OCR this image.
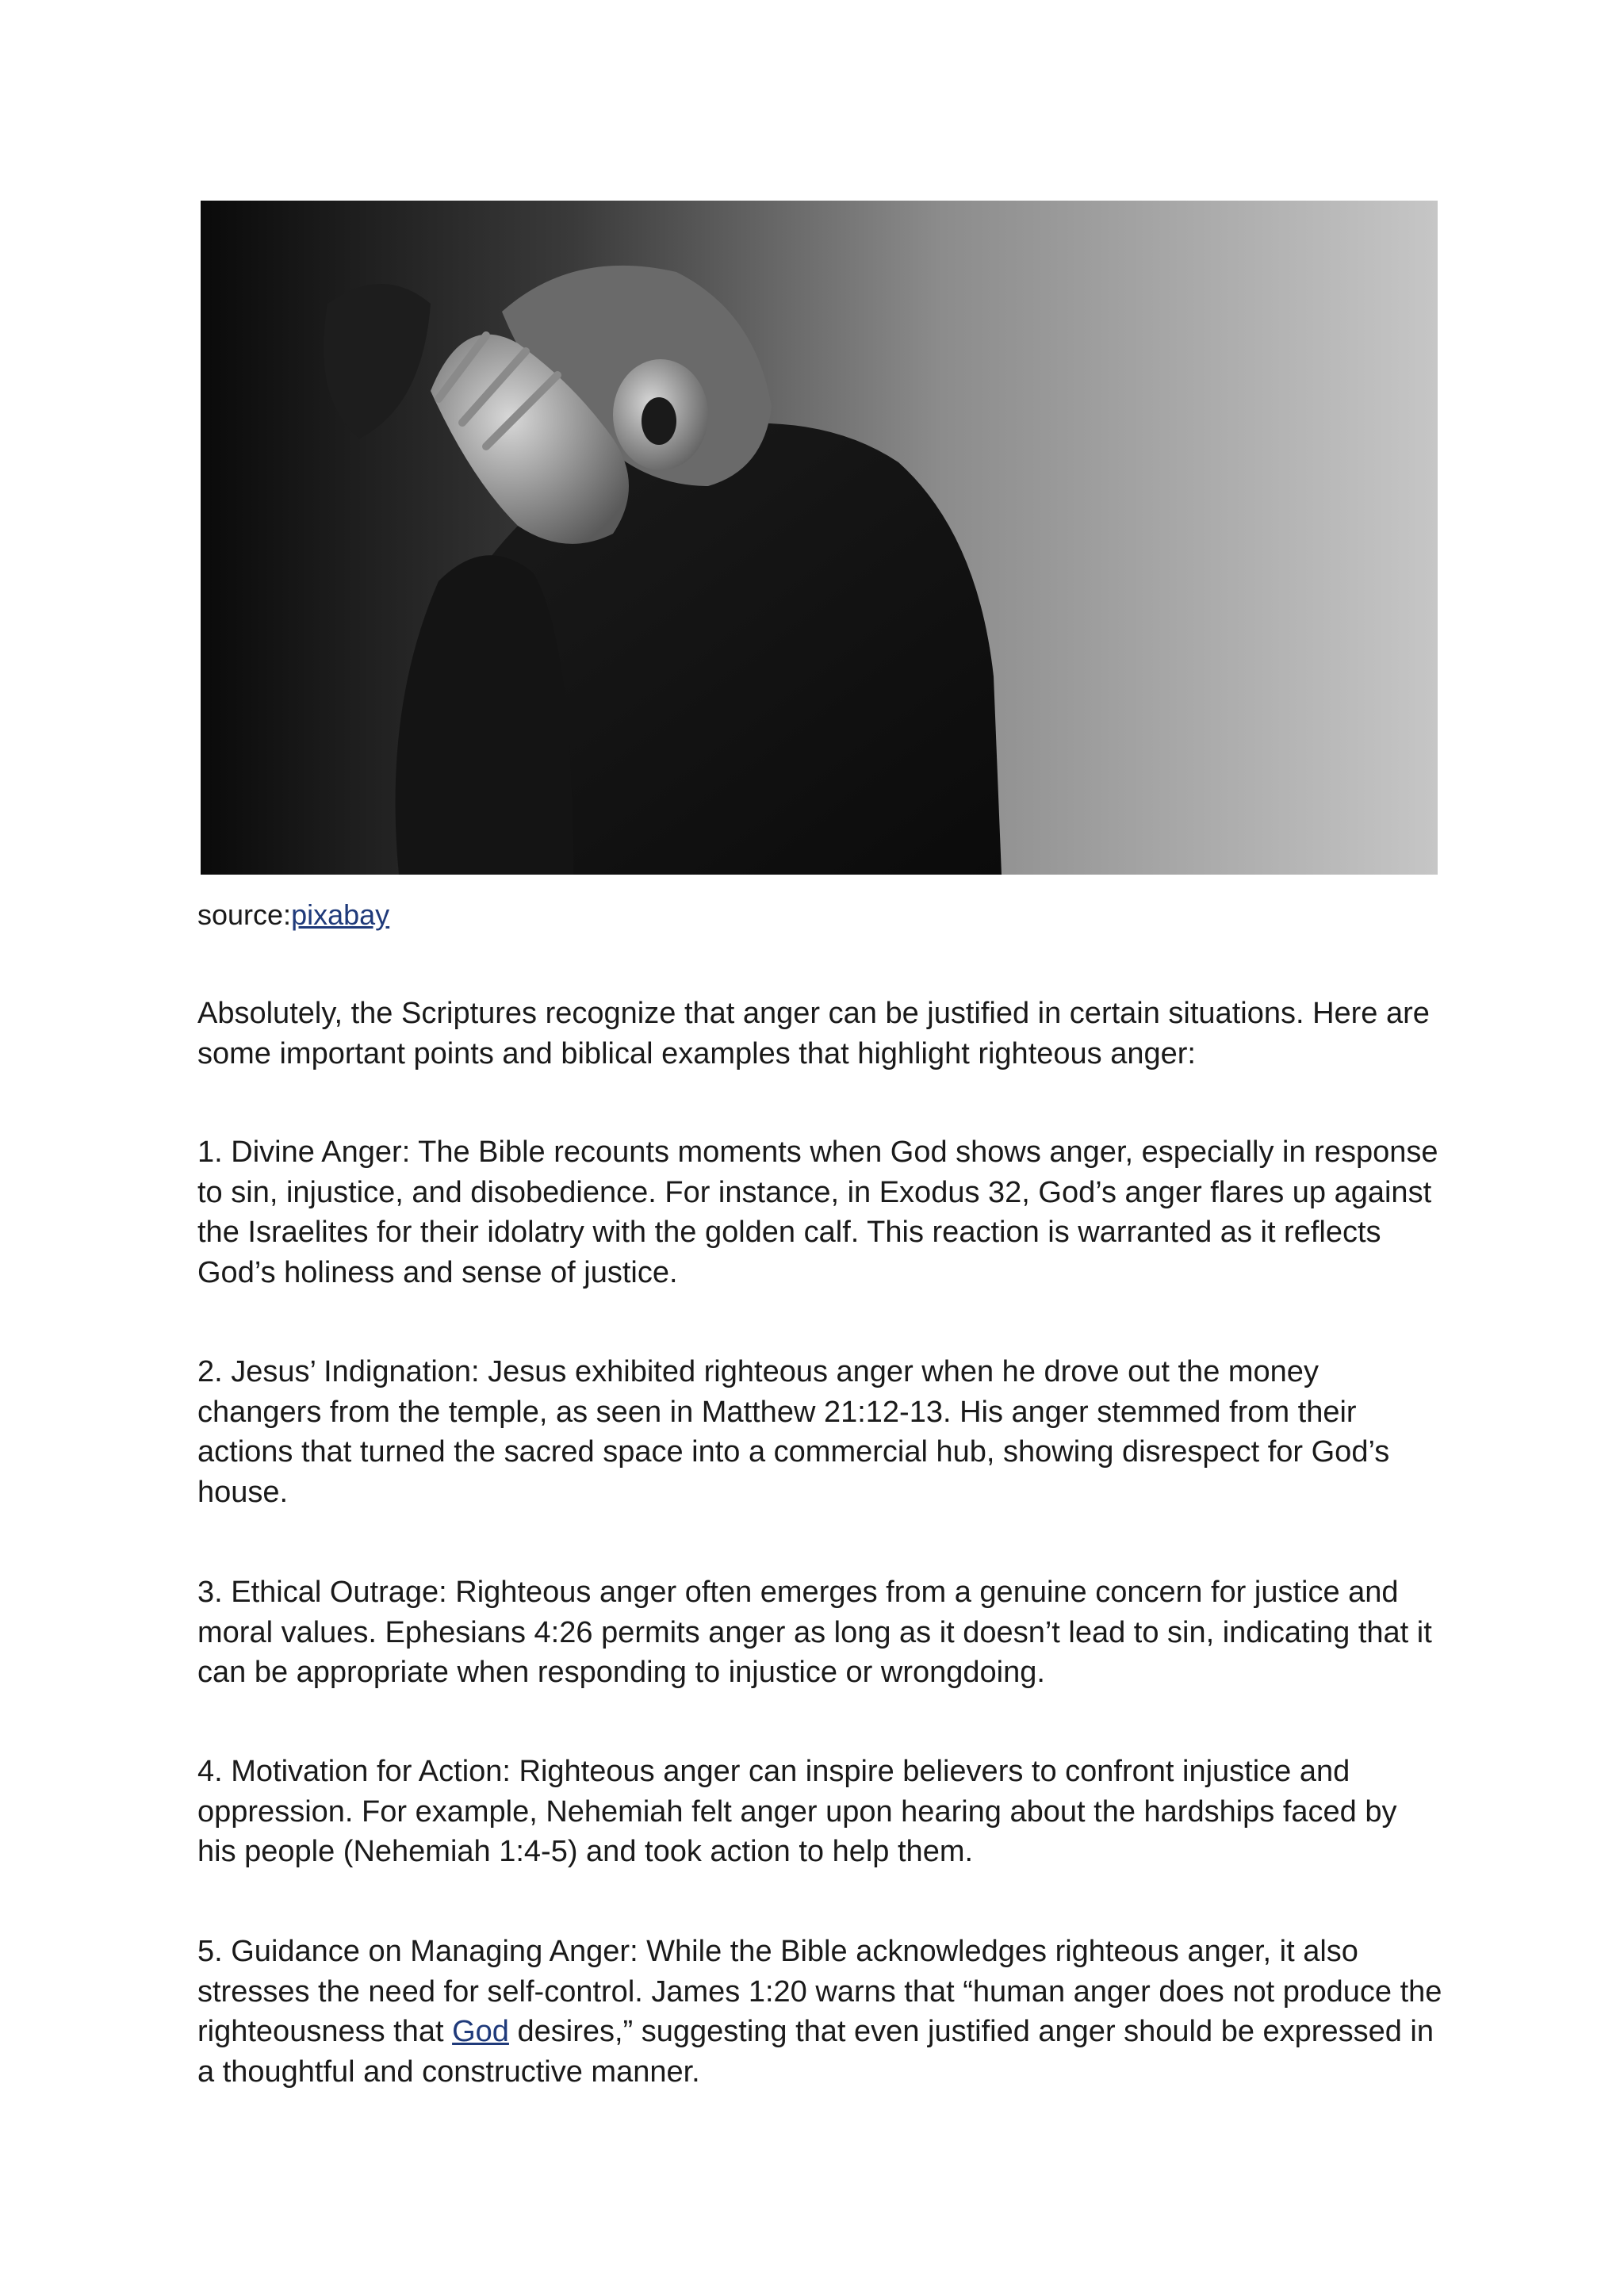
source:pixabay

Absolutely, the Scriptures recognize that anger can be justified in certain situations. Here are some important points and biblical examples that highlight righteous anger:

1. Divine Anger: The Bible recounts moments when God shows anger, especially in response to sin, injustice, and disobedience. For instance, in Exodus 32, God’s anger flares up against the Israelites for their idolatry with the golden calf. This reaction is warranted as it reflects God’s holiness and sense of justice.

2. Jesus’ Indignation: Jesus exhibited righteous anger when he drove out the money changers from the temple, as seen in Matthew 21:12-13. His anger stemmed from their actions that turned the sacred space into a commercial hub, showing disrespect for God’s house.

3. Ethical Outrage: Righteous anger often emerges from a genuine concern for justice and moral values. Ephesians 4:26 permits anger as long as it doesn’t lead to sin, indicating that it can be appropriate when responding to injustice or wrongdoing.

4. Motivation for Action: Righteous anger can inspire believers to confront injustice and oppression. For example, Nehemiah felt anger upon hearing about the hardships faced by his people (Nehemiah 1:4-5) and took action to help them.

5. Guidance on Managing Anger: While the Bible acknowledges righteous anger, it also stresses the need for self-control. James 1:20 warns that “human anger does not produce the righteousness that God desires,” suggesting that even justified anger should be expressed in a thoughtful and constructive manner.
